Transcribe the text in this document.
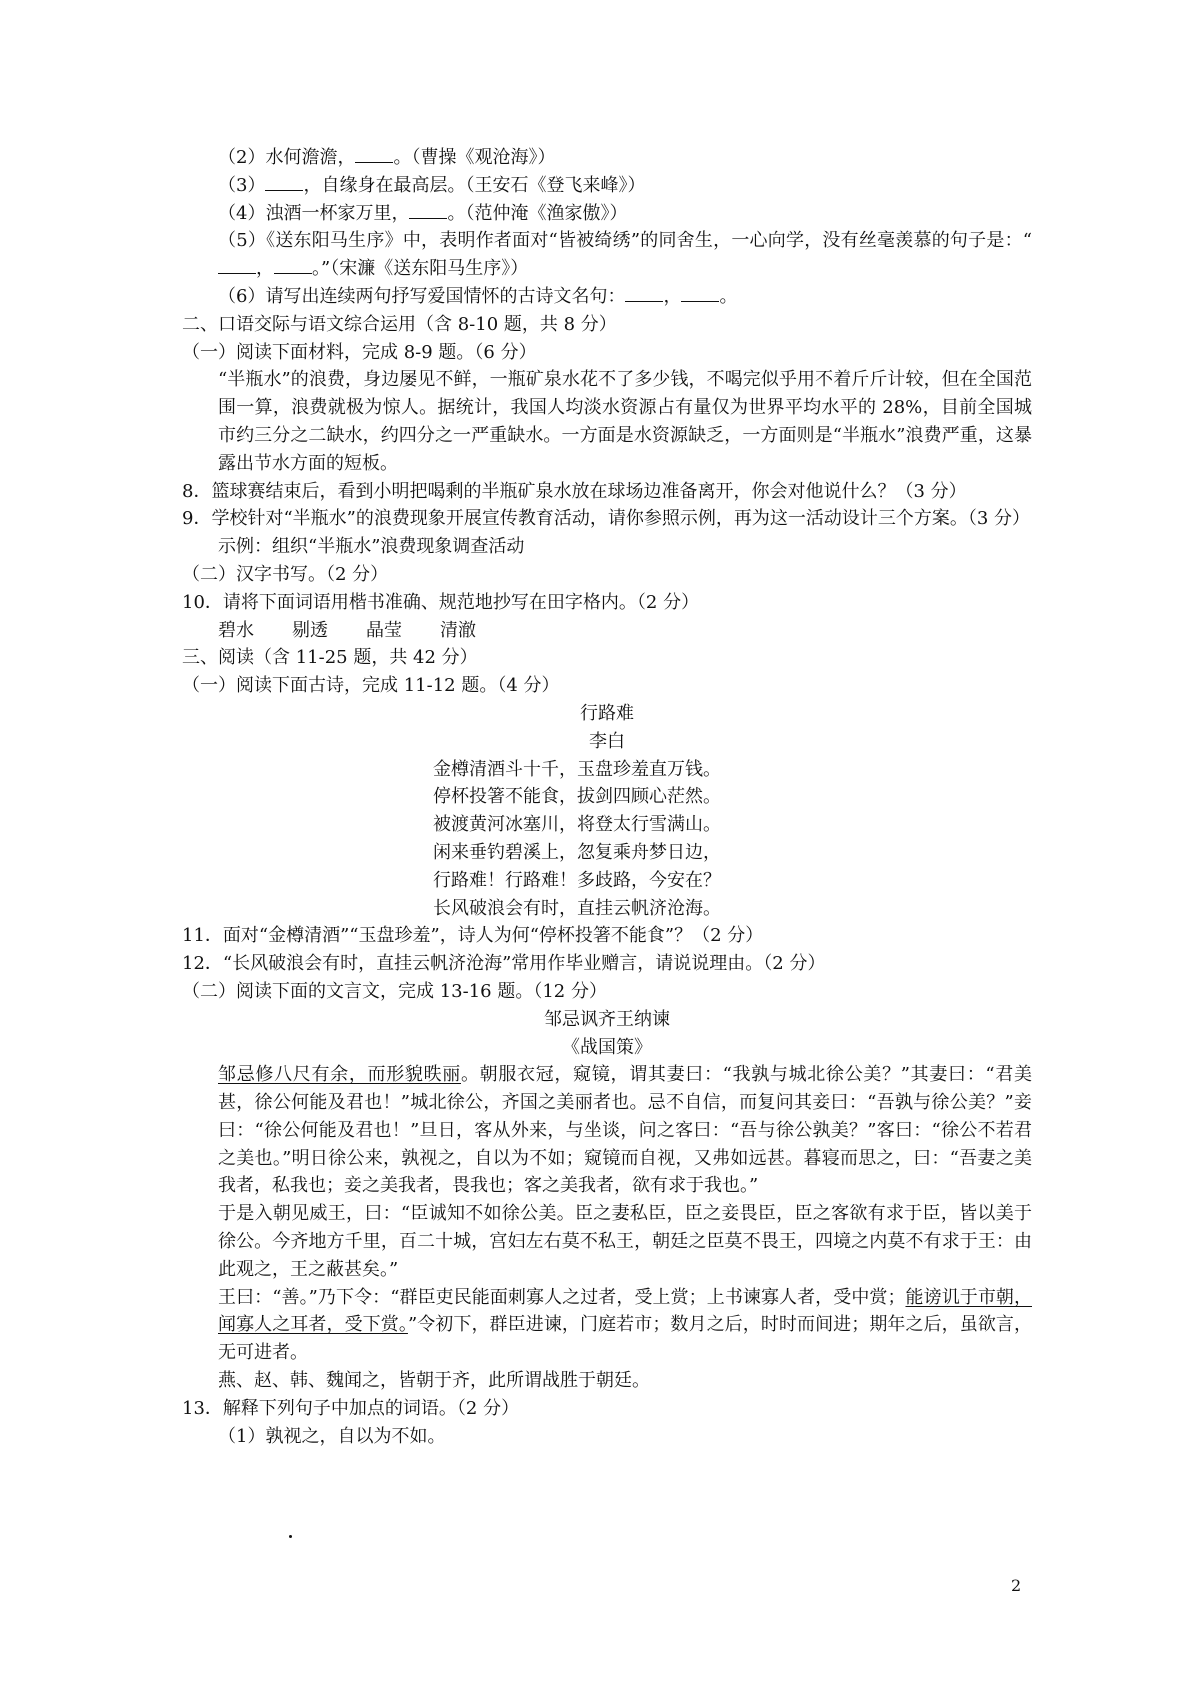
（2）水何澹澹， 。（曹操《观沧海》）
（3） ，自缘身在最高层。（王安石《登飞来峰》）
（4）浊酒一杯家万里， 。（范仲淹《渔家傲》）
（5）《送东阳马生序》中，表明作者面对“皆被绮绣”的同舍生，一心向学，没有丝毫羡慕的句子是：“， 。”（宋濂《送东阳马生序》）
（6）请写出连续两句抒写爱国情怀的古诗文名句： ， 。
二、口语交际与语文综合运用（含 8-10 题，共 8 分）
（一）阅读下面材料，完成 8-9 题。（6 分）
“半瓶水”的浪费，身边屡见不鲜，一瓶矿泉水花不了多少钱，不喝完似乎用不着斤斤计较，但在全国范围一算，浪费就极为惊人。据统计，我国人均淡水资源占有量仅为世界平均水平的 28%，目前全国城市约三分之二缺水，约四分之一严重缺水。一方面是水资源缺乏，一方面则是“半瓶水”浪费严重，这暴露出节水方面的短板。
8．篮球赛结束后，看到小明把喝剩的半瓶矿泉水放在球场边准备离开，你会对他说什么？（3 分）
9．学校针对“半瓶水”的浪费现象开展宣传教育活动，请你参照示例，再为这一活动设计三个方案。（3 分）
示例：组织“半瓶水”浪费现象调查活动
（二）汉字书写。（2 分）
10．请将下面词语用楷书准确、规范地抄写在田字格内。（2 分）
碧水 剔透 晶莹 清澈
三、阅读（含 11-25 题，共 42 分）
（一）阅读下面古诗，完成 11-12 题。（4 分）
行路难
李白
金樽清酒斗十千，玉盘珍羞直万钱。
停杯投箸不能食，拔剑四顾心茫然。
被渡黄河冰塞川，将登太行雪满山。
闲来垂钓碧溪上，忽复乘舟梦日边，
行路难！行路难！多歧路，今安在？
长风破浪会有时，直挂云帆济沧海。
11．面对“金樽清酒”“玉盘珍羞”，诗人为何“停杯投箸不能食”？（2 分）
12．“长风破浪会有时，直挂云帆济沧海”常用作毕业赠言，请说说理由。（2 分）
（二）阅读下面的文言文，完成 13-16 题。（12 分）
邹忌讽齐王纳谏
《战国策》
邹忌修八尺有余，而形貌昳丽。朝服衣冠，窥镜，谓其妻曰：“我孰与城北徐公美？”其妻曰：“君美甚，徐公何能及君也！”城北徐公，齐国之美丽者也。忌不自信，而复问其妾曰：“吾孰与徐公美？”妾曰：“徐公何能及君也！”旦日，客从外来，与坐谈，问之客曰：“吾与徐公孰美？”客曰：“徐公不若君之美也。”明日徐公来，孰视之，自以为不如；窥镜而自视，又弗如远甚。暮寝而思之，曰：“吾妻之美我者，私我也；妾之美我者，畏我也；客之美我者，欲有求于我也。”
于是入朝见威王，曰：“臣诚知不如徐公美。臣之妻私臣，臣之妾畏臣，臣之客欲有求于臣，皆以美于徐公。今齐地方千里，百二十城，宫妇左右莫不私王，朝廷之臣莫不畏王，四境之内莫不有求于王：由此观之，王之蔽甚矣。”
王曰：“善。”乃下令：“群臣吏民能面刺寡人之过者，受上赏；上书谏寡人者，受中赏；能谤讥于市朝，闻寡人之耳者，受下赏。”令初下，群臣进谏，门庭若市；数月之后，时时而间进；期年之后，虽欲言，无可进者。
燕、赵、韩、魏闻之，皆朝于齐，此所谓战胜于朝廷。
13．解释下列句子中加点的词语。（2 分）
（1）孰视之，自以为不如。
2
